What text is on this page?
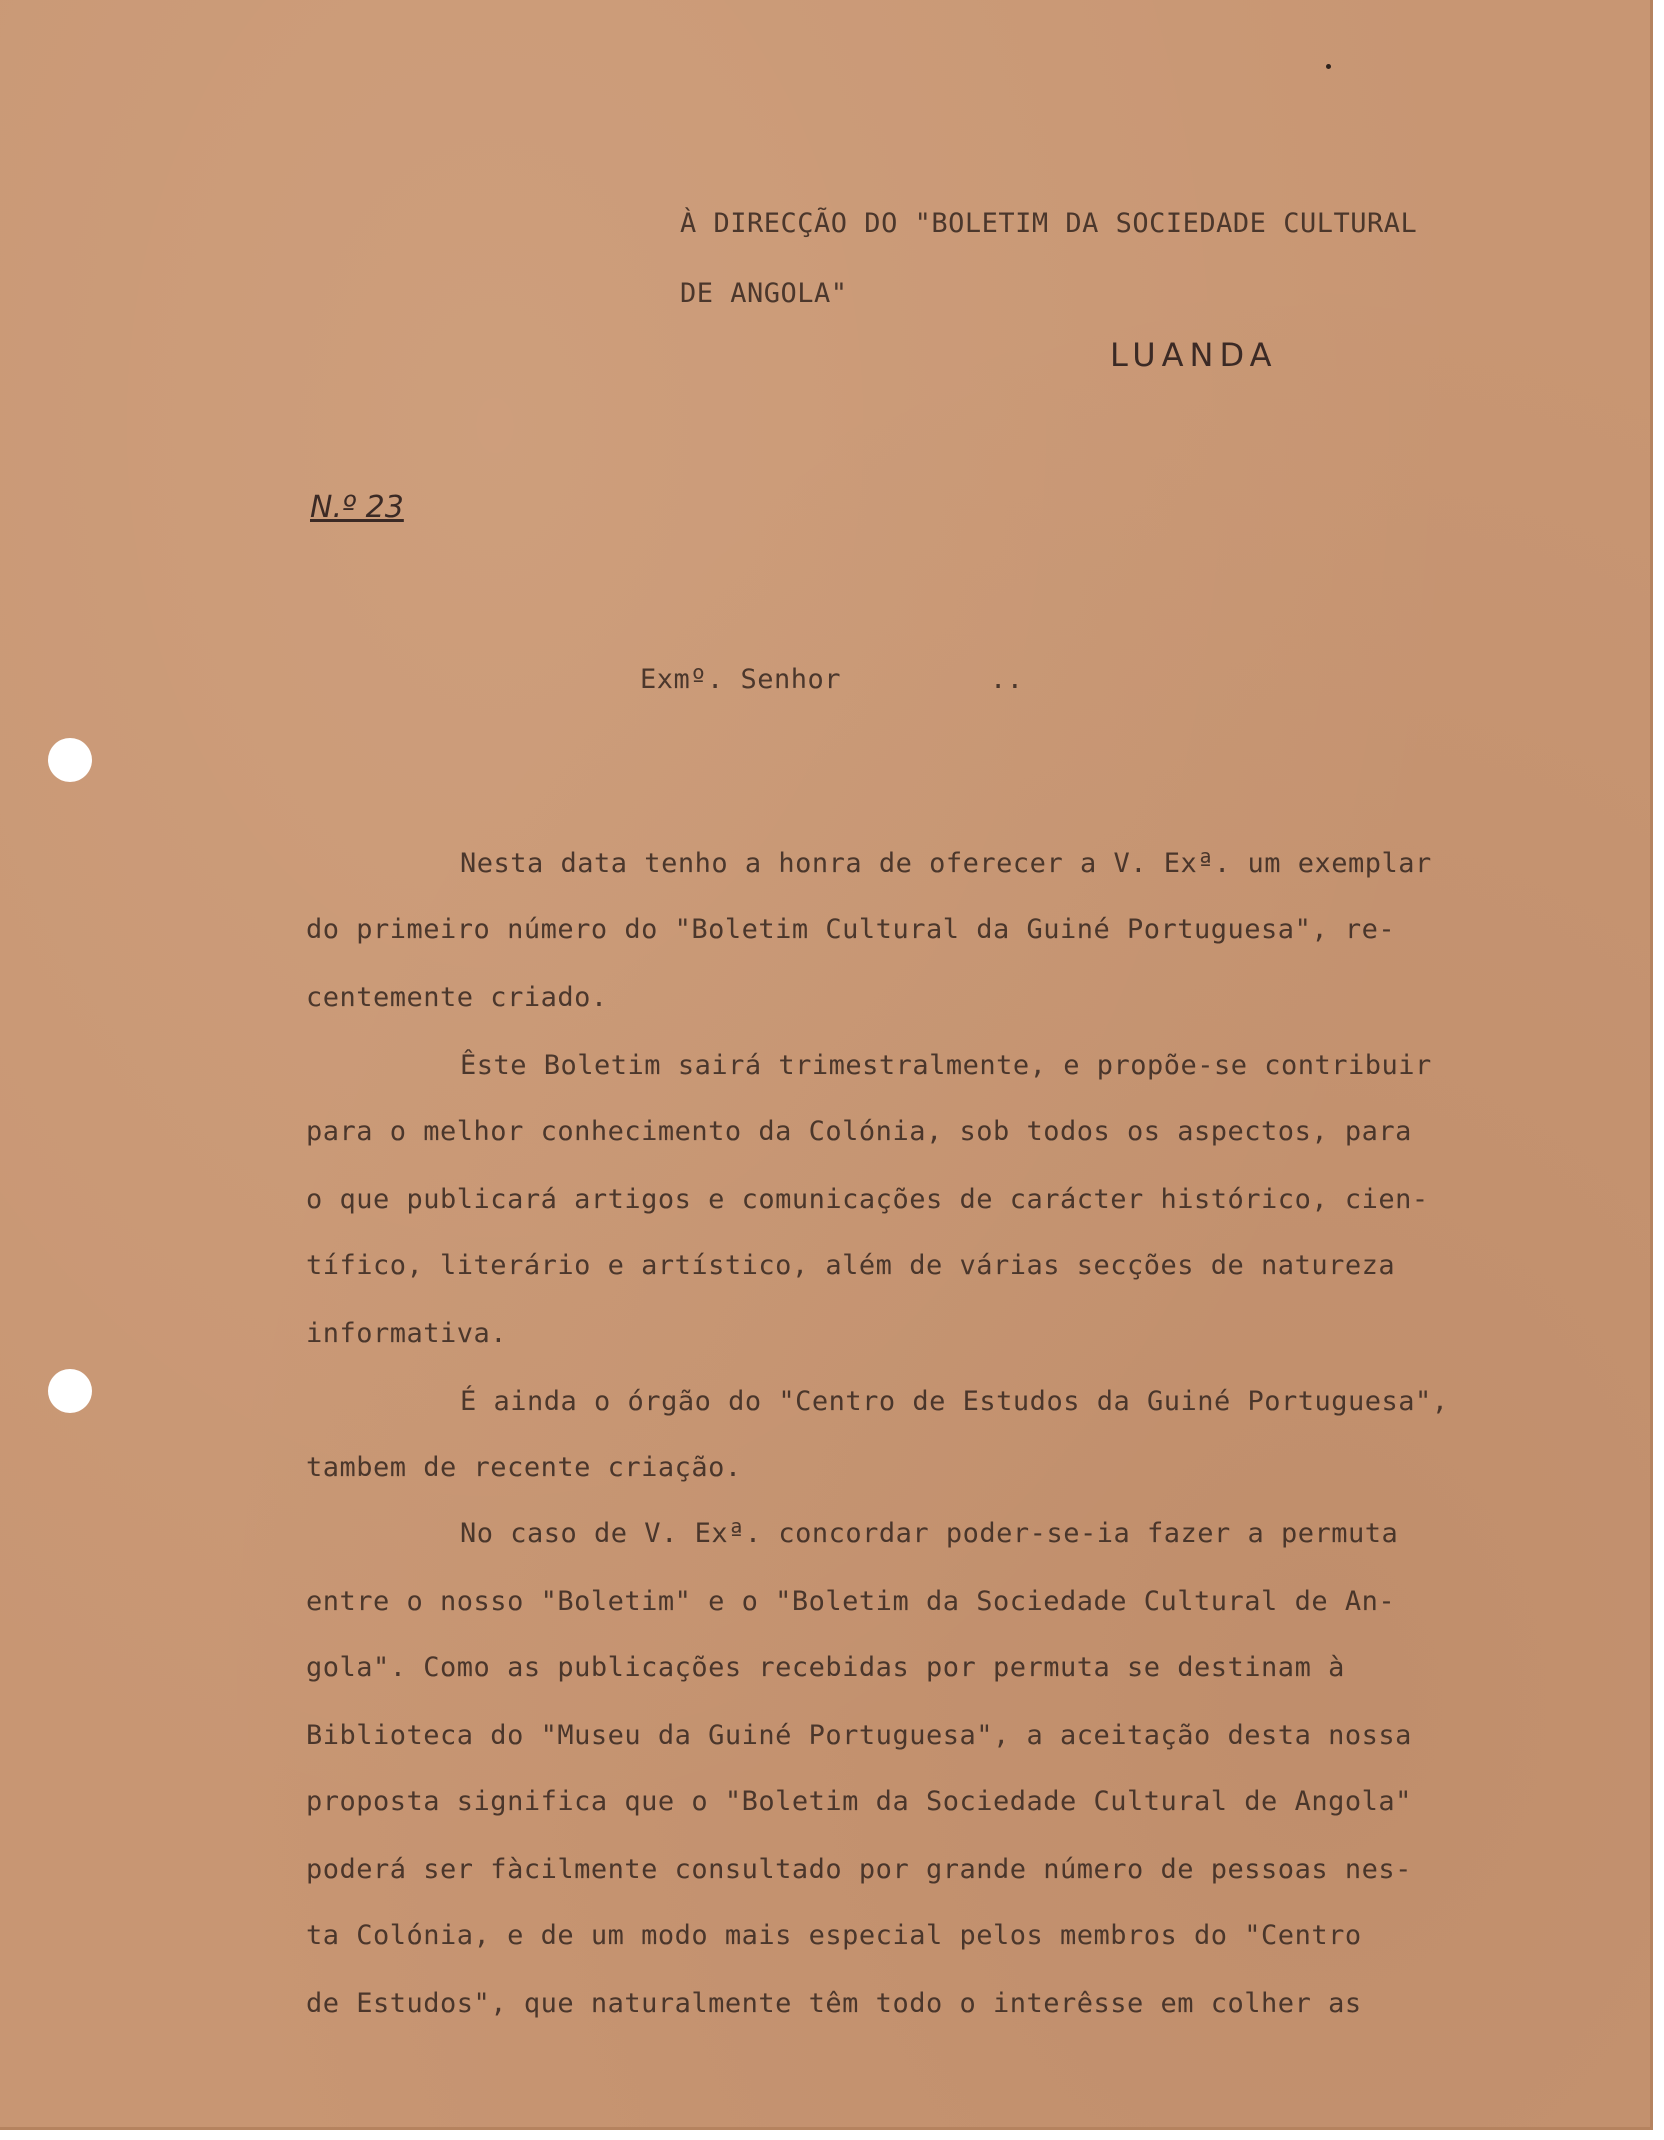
À DIRECÇÃO DO "BOLETIM DA SOCIEDADE CULTURAL
DE ANGOLA"
LUANDA
N.º 23
Exmº. Senhor	..
Nesta data tenho a honra de oferecer a V. Exª. um exemplar
do primeiro número do "Boletim Cultural da Guiné Portuguesa", re-
centemente criado.
Êste Boletim sairá trimestralmente, e propõe-se contribuir
para o melhor conhecimento da Colónia, sob todos os aspectos, para
o que publicará artigos e comunicações de carácter histórico, cien-
tífico, literário e artístico, além de várias secções de natureza
informativa.
É ainda o órgão do "Centro de Estudos da Guiné Portuguesa",
tambem de recente criação.
No caso de V. Exª. concordar poder-se-ia fazer a permuta
entre o nosso "Boletim" e o "Boletim da Sociedade Cultural de An-
gola". Como as publicações recebidas por permuta se destinam à
Biblioteca do "Museu da Guiné Portuguesa", a aceitação desta nossa
proposta significa que o "Boletim da Sociedade Cultural de Angola"
poderá ser fàcilmente consultado por grande número de pessoas nes-
ta Colónia, e de um modo mais especial pelos membros do "Centro
de Estudos", que naturalmente têm todo o interêsse em colher as
